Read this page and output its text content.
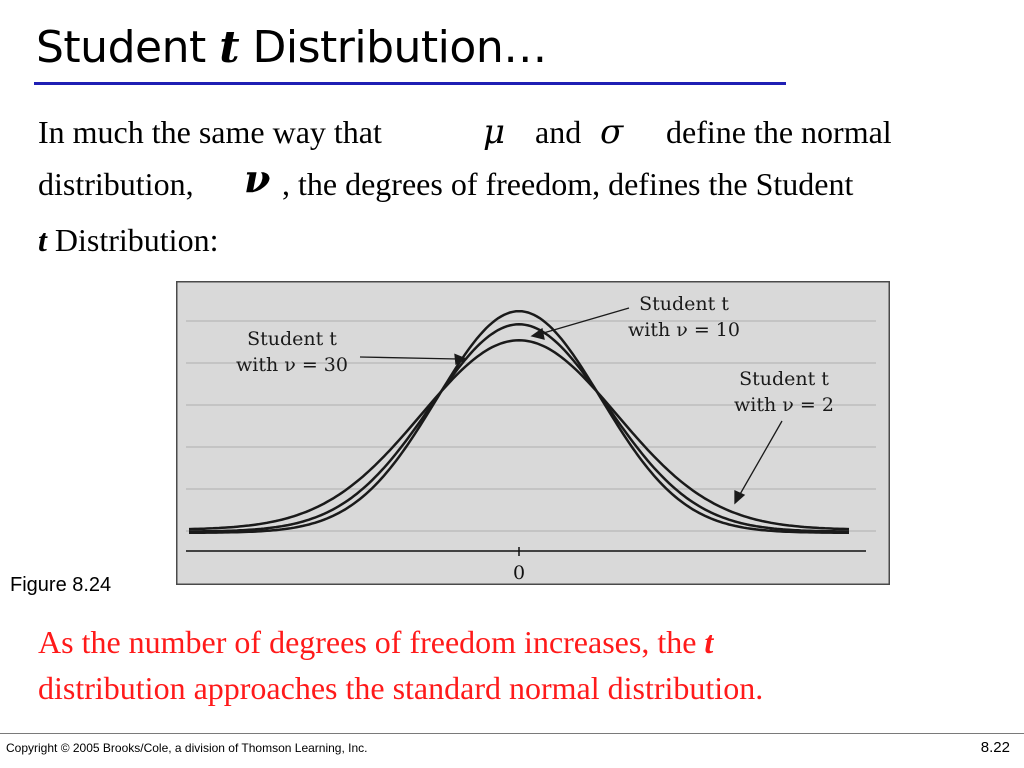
Student t Distribution…

In much the same way that	μ and σ define the normal

distribution, ν , the degrees of freedom, defines the Student

t Distribution:

0
Student t
with ν = 30
Student t
with ν = 10
Student t
with ν = 2

Figure 8.24

As the number of degrees of freedom increases, the t

distribution approaches the standard normal distribution.

Copyright © 2005 Brooks/Cole, a division of Thomson Learning, Inc.	8.22
